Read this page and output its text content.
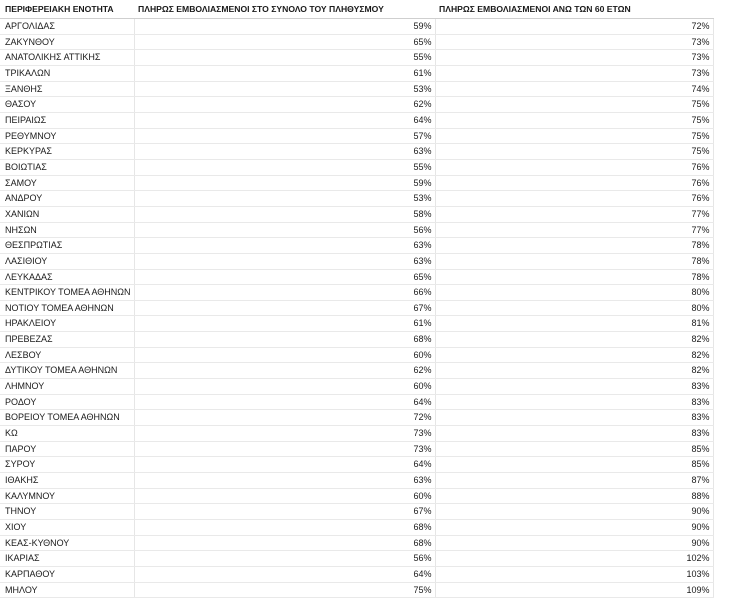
ΠΕΡΙΦΕΡΕΙΑΚΗ ΕΝΟΤΗΤΑ	ΠΛΗΡΩΣ ΕΜΒΟΛΙΑΣΜΕΝΟΙ ΣΤΟ ΣΥΝΟΛΟ ΤΟΥ ΠΛΗΘΥΣΜΟΥ	ΠΛΗΡΩΣ ΕΜΒΟΛΙΑΣΜΕΝΟΙ ΑΝΩ ΤΩΝ 60 ΕΤΩΝ
ΑΡΓΟΛΙΔΑΣ	59%	72%
ΖΑΚΥΝΘΟΥ	65%	73%
ΑΝΑΤΟΛΙΚΗΣ ΑΤΤΙΚΗΣ	55%	73%
ΤΡΙΚΑΛΩΝ	61%	73%
ΞΑΝΘΗΣ	53%	74%
ΘΑΣΟΥ	62%	75%
ΠΕΙΡΑΙΩΣ	64%	75%
ΡΕΘΥΜΝΟΥ	57%	75%
ΚΕΡΚΥΡΑΣ	63%	75%
ΒΟΙΩΤΙΑΣ	55%	76%
ΣΑΜΟΥ	59%	76%
ΑΝΔΡΟΥ	53%	76%
ΧΑΝΙΩΝ	58%	77%
ΝΗΣΩΝ	56%	77%
ΘΕΣΠΡΩΤΙΑΣ	63%	78%
ΛΑΣΙΘΙΟΥ	63%	78%
ΛΕΥΚΑΔΑΣ	65%	78%
ΚΕΝΤΡΙΚΟΥ ΤΟΜΕΑ ΑΘΗΝΩΝ	66%	80%
ΝΟΤΙΟΥ ΤΟΜΕΑ ΑΘΗΝΩΝ	67%	80%
ΗΡΑΚΛΕΙΟΥ	61%	81%
ΠΡΕΒΕΖΑΣ	68%	82%
ΛΕΣΒΟΥ	60%	82%
ΔΥΤΙΚΟΥ ΤΟΜΕΑ ΑΘΗΝΩΝ	62%	82%
ΛΗΜΝΟΥ	60%	83%
ΡΟΔΟΥ	64%	83%
ΒΟΡΕΙΟΥ ΤΟΜΕΑ ΑΘΗΝΩΝ	72%	83%
ΚΩ	73%	83%
ΠΑΡΟΥ	73%	85%
ΣΥΡΟΥ	64%	85%
ΙΘΑΚΗΣ	63%	87%
ΚΑΛΥΜΝΟΥ	60%	88%
ΤΗΝΟΥ	67%	90%
ΧΙΟΥ	68%	90%
ΚΕΑΣ-ΚΥΘΝΟΥ	68%	90%
ΙΚΑΡΙΑΣ	56%	102%
ΚΑΡΠΑΘΟΥ	64%	103%
ΜΗΛΟΥ	75%	109%
